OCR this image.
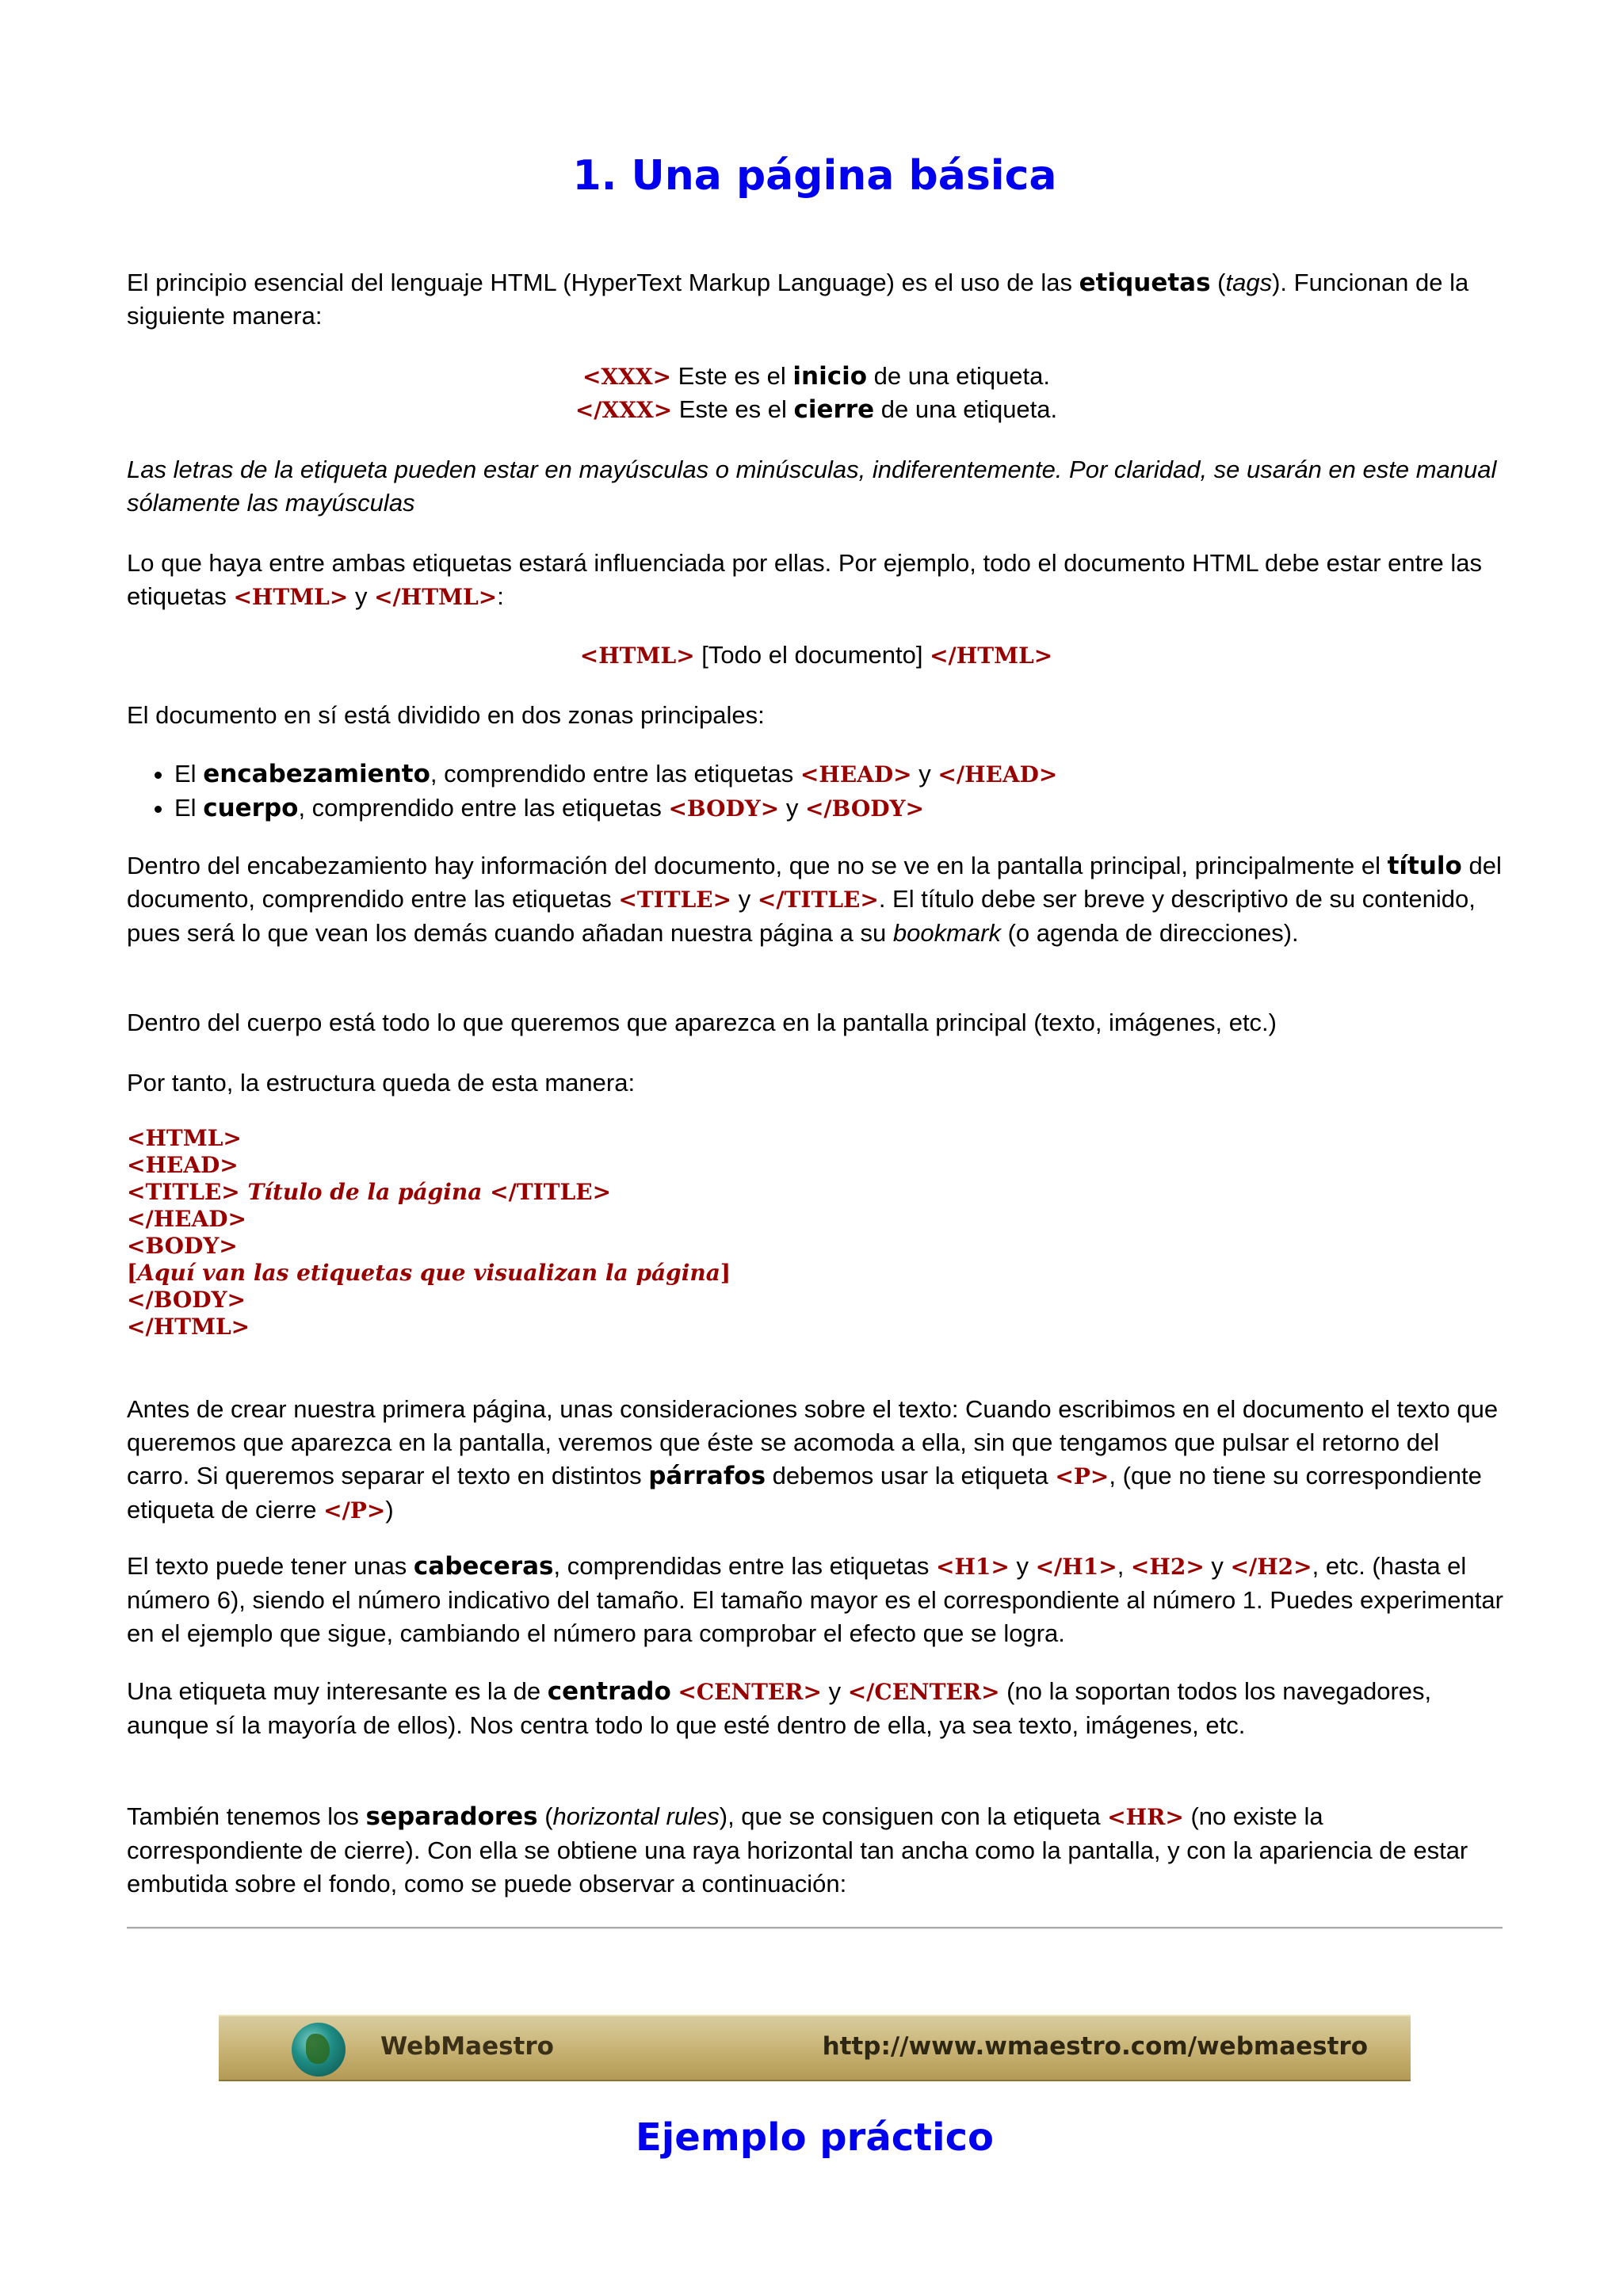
1. Una página básica

El principio esencial del lenguaje HTML (HyperText Markup Language) es el uso de las etiquetas (tags). Funcionan de la siguiente manera:

<XXX> Este es el inicio de una etiqueta.

</XXX> Este es el cierre de una etiqueta.

Las letras de la etiqueta pueden estar en mayúsculas o minúsculas, indiferentemente. Por claridad, se usarán en este manual sólamente las mayúsculas

Lo que haya entre ambas etiquetas estará influenciada por ellas. Por ejemplo, todo el documento HTML debe estar entre las etiquetas <HTML> y </HTML>:

<HTML> [Todo el documento] </HTML>

El documento en sí está dividido en dos zonas principales:

• El encabezamiento, comprendido entre las etiquetas <HEAD> y </HEAD>
• El cuerpo, comprendido entre las etiquetas <BODY> y </BODY>

Dentro del encabezamiento hay información del documento, que no se ve en la pantalla principal, principalmente el título del documento, comprendido entre las etiquetas <TITLE> y </TITLE>. El título debe ser breve y descriptivo de su contenido, pues será lo que vean los demás cuando añadan nuestra página a su bookmark (o agenda de direcciones).

Dentro del cuerpo está todo lo que queremos que aparezca en la pantalla principal (texto, imágenes, etc.)

Por tanto, la estructura queda de esta manera:

<HTML>
<HEAD>
<TITLE> Título de la página </TITLE>
</HEAD>
<BODY>
[Aquí van las etiquetas que visualizan la página]
</BODY>
</HTML>

Antes de crear nuestra primera página, unas consideraciones sobre el texto: Cuando escribimos en el documento el texto que queremos que aparezca en la pantalla, veremos que éste se acomoda a ella, sin que tengamos que pulsar el retorno del carro. Si queremos separar el texto en distintos párrafos debemos usar la etiqueta <P>, (que no tiene su correspondiente etiqueta de cierre </P>)

El texto puede tener unas cabeceras, comprendidas entre las etiquetas <H1> y </H1>, <H2> y </H2>, etc. (hasta el número 6), siendo el número indicativo del tamaño. El tamaño mayor es el correspondiente al número 1. Puedes experimentar en el ejemplo que sigue, cambiando el número para comprobar el efecto que se logra.

Una etiqueta muy interesante es la de centrado <CENTER> y </CENTER> (no la soportan todos los navegadores, aunque sí la mayoría de ellos). Nos centra todo lo que esté dentro de ella, ya sea texto, imágenes, etc.

También tenemos los separadores (horizontal rules), que se consiguen con la etiqueta <HR> (no existe la correspondiente de cierre). Con ella se obtiene una raya horizontal tan ancha como la pantalla, y con la apariencia de estar embutida sobre el fondo, como se puede observar a continuación:

WebMaestro	http://www.wmaestro.com/webmaestro
Ejemplo práctico
